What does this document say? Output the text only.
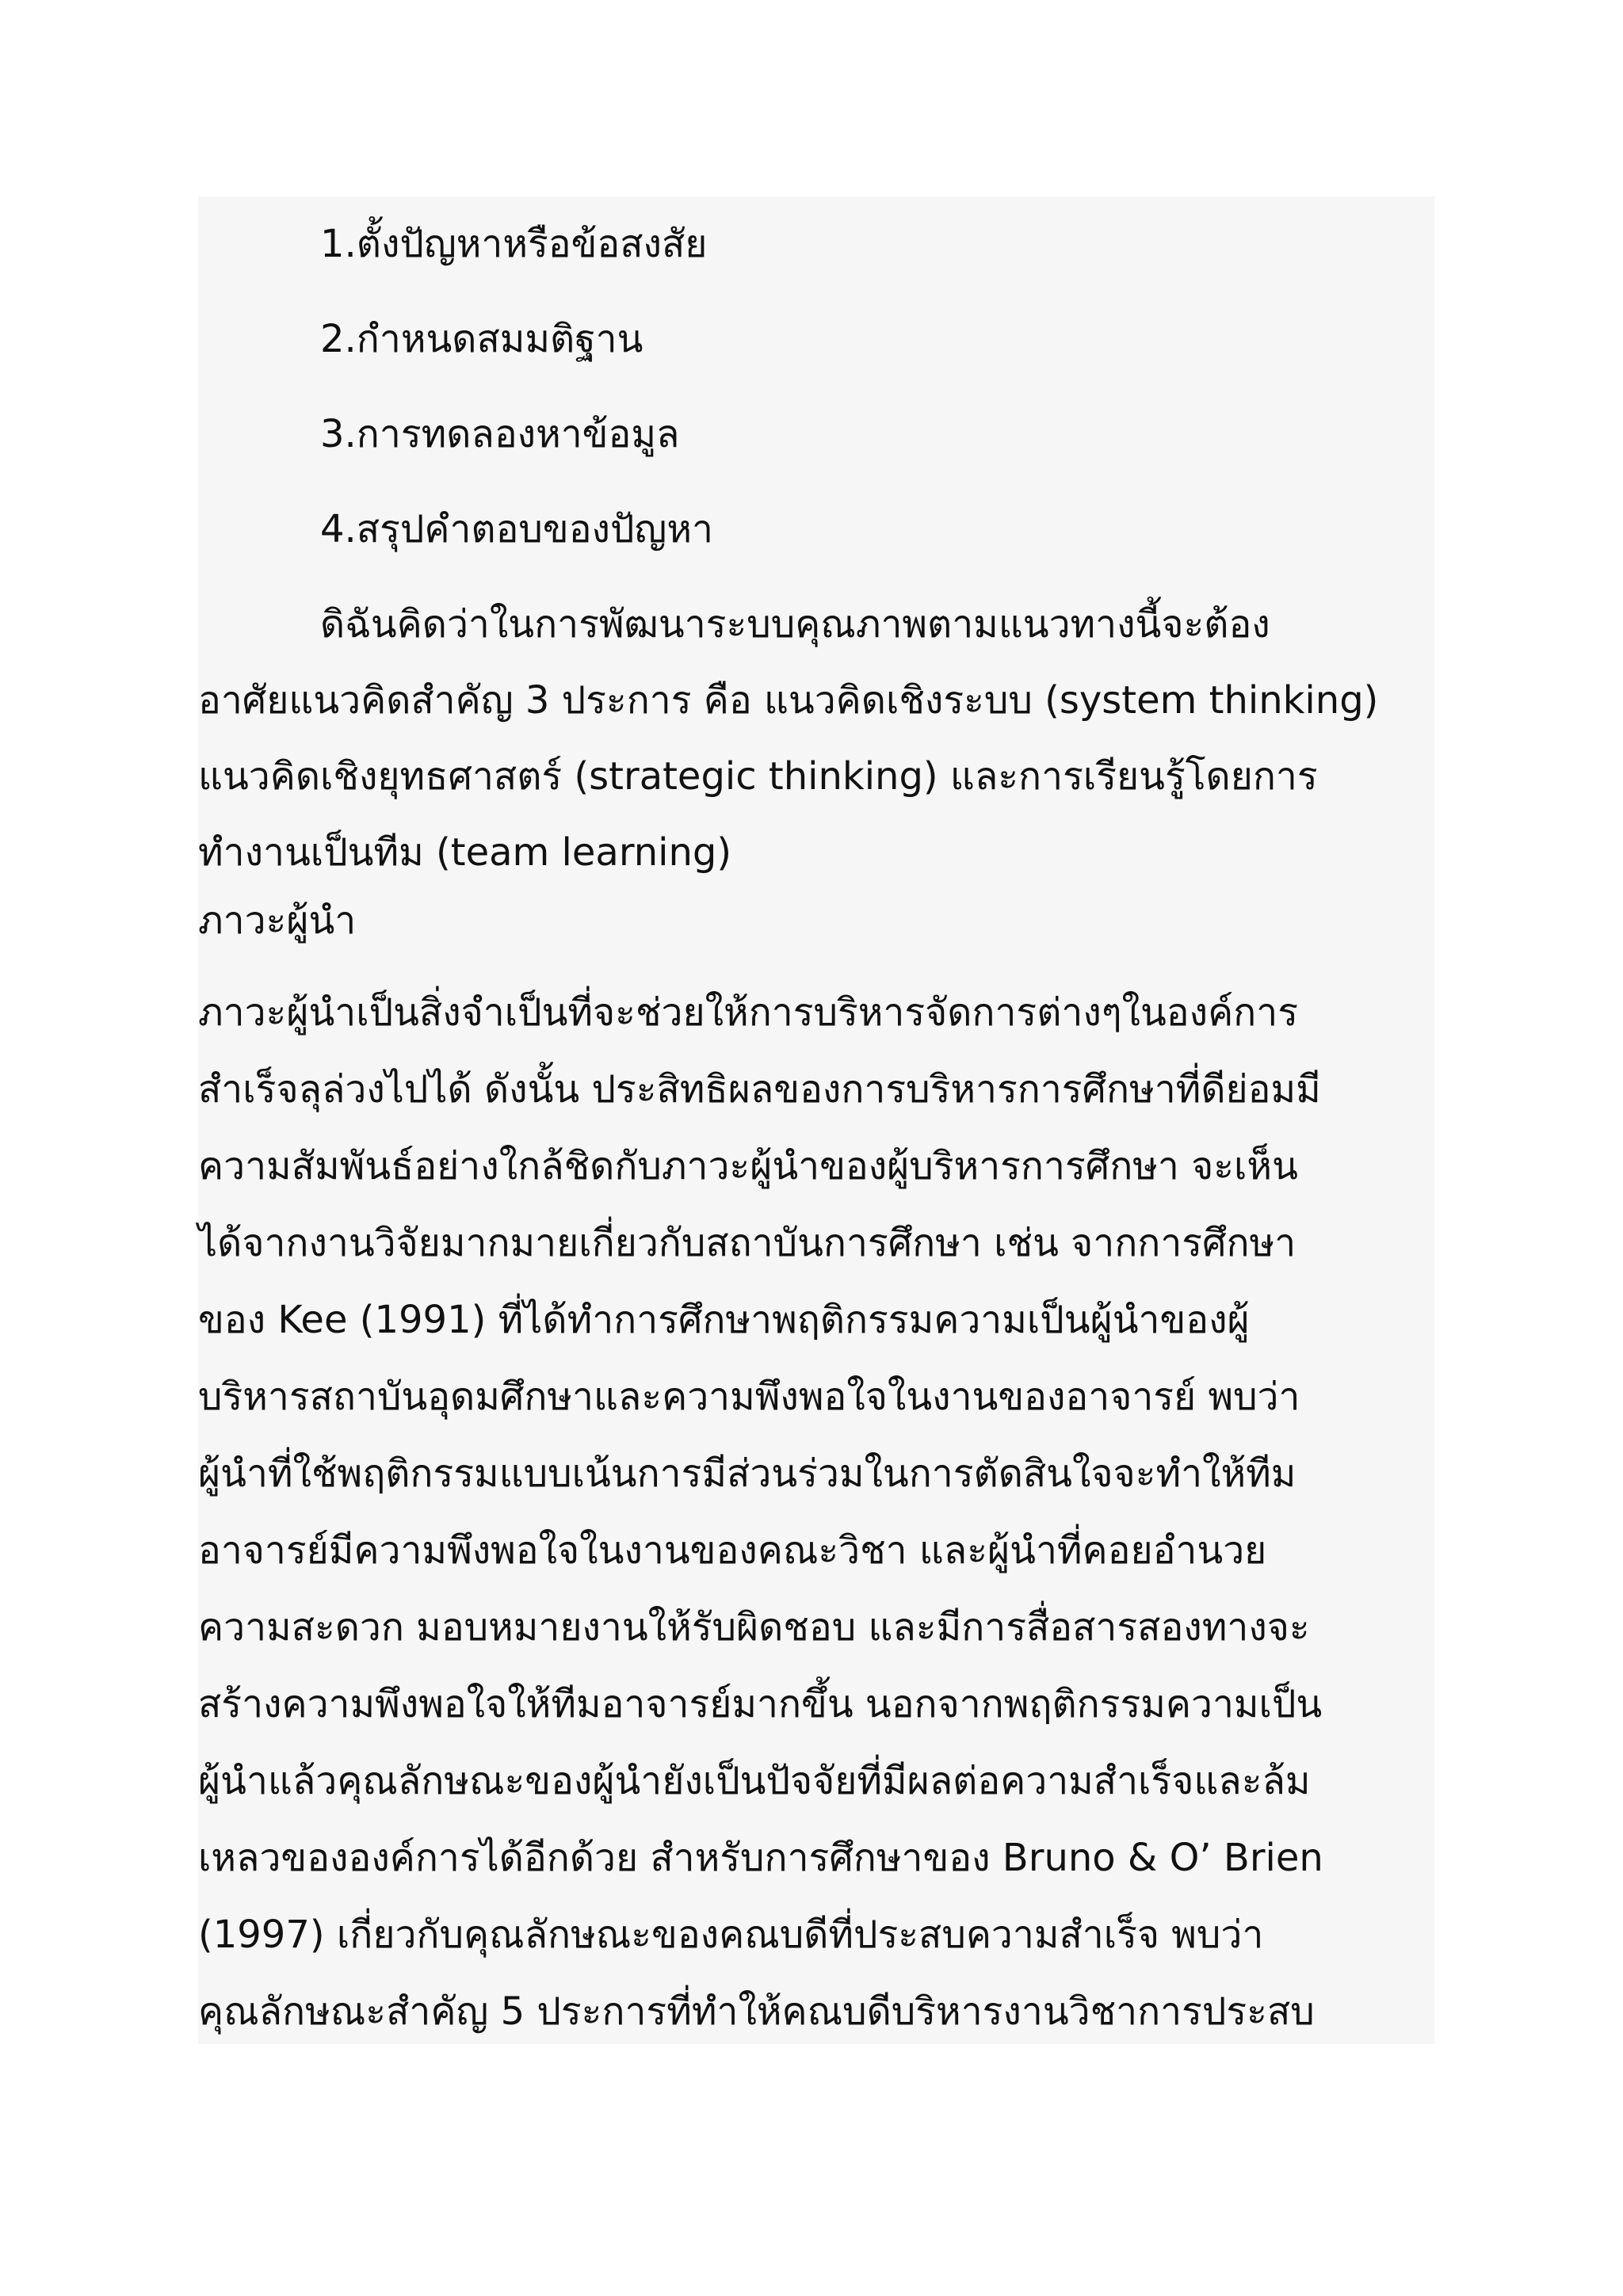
1.ตั้งปัญหาหรือข้อสงสัย

2.กำหนดสมมติฐาน

3.การทดลองหาข้อมูล

4.สรุปคำตอบของปัญหา

ดิฉันคิดว่าในการพัฒนาระบบคุณภาพตามแนวทางนี้จะต้อง

อาศัยแนวคิดสำคัญ 3 ประการ คือ แนวคิดเชิงระบบ (system thinking)

แนวคิดเชิงยุทธศาสตร์ (strategic thinking) และการเรียนรู้โดยการ

ทำงานเป็นทีม (team learning)

ภาวะผู้นำ

ภาวะผู้นำเป็นสิ่งจำเป็นที่จะช่วยให้การบริหารจัดการต่างๆในองค์การ

สำเร็จลุล่วงไปได้ ดังนั้น ประสิทธิผลของการบริหารการศึกษาที่ดีย่อมมี

ความสัมพันธ์อย่างใกล้ชิดกับภาวะผู้นำของผู้บริหารการศึกษา จะเห็น

ได้จากงานวิจัยมากมายเกี่ยวกับสถาบันการศึกษา เช่น จากการศึกษา

ของ Kee (1991) ที่ได้ทำการศึกษาพฤติกรรมความเป็นผู้นำของผู้

บริหารสถาบันอุดมศึกษาและความพึงพอใจในงานของอาจารย์ พบว่า

ผู้นำที่ใช้พฤติกรรมแบบเน้นการมีส่วนร่วมในการตัดสินใจจะทำให้ทีม

อาจารย์มีความพึงพอใจในงานของคณะวิชา และผู้นำที่คอยอำนวย

ความสะดวก มอบหมายงานให้รับผิดชอบ และมีการสื่อสารสองทางจะ

สร้างความพึงพอใจให้ทีมอาจารย์มากขึ้น นอกจากพฤติกรรมความเป็น

ผู้นำแล้วคุณลักษณะของผู้นำยังเป็นปัจจัยที่มีผลต่อความสำเร็จและล้ม

เหลวขององค์การได้อีกด้วย สำหรับการศึกษาของ Bruno & O’ Brien

(1997) เกี่ยวกับคุณลักษณะของคณบดีที่ประสบความสำเร็จ พบว่า

คุณลักษณะสำคัญ 5 ประการที่ทำให้คณบดีบริหารงานวิชาการประสบ
